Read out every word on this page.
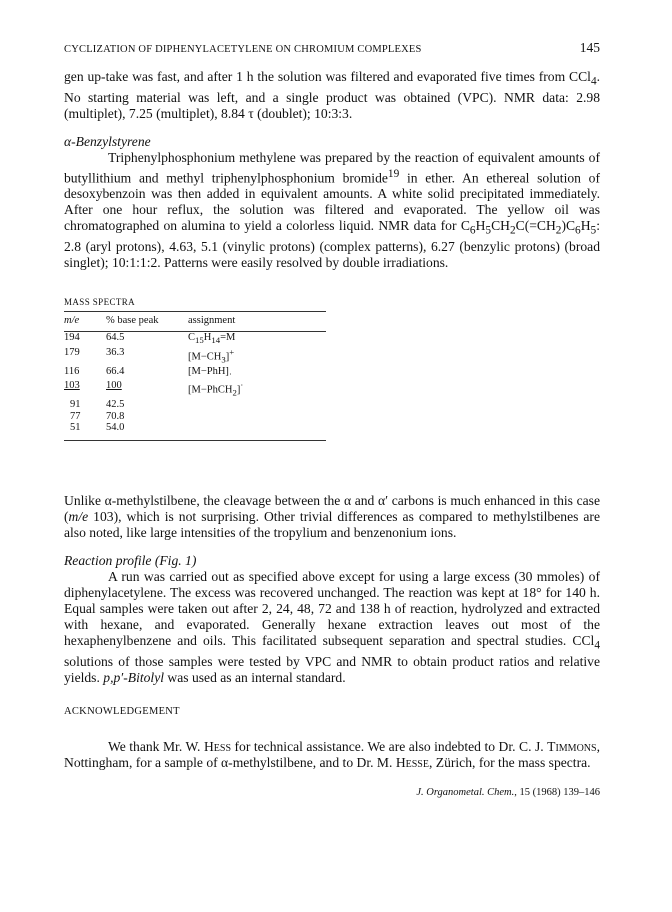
CYCLIZATION OF DIPHENYLACETYLENE ON CHROMIUM COMPLEXES	145

gen up-take was fast, and after 1 h the solution was filtered and evaporated five times from CCl$_4$. No starting material was left, and a single product was obtained (VPC). NMR data: 2.98 (multiplet), 7.25 (multiplet), 8.84 τ (doublet); 10:3:3.

α-Benzylstyrene

Triphenylphosphonium methylene was prepared by the reaction of equivalent amounts of butyllithium and methyl triphenylphosphonium bromide$^{19}$ in ether. An ethereal solution of desoxybenzoin was then added in equivalent amounts. A white solid precipitated immediately. After one hour reflux, the solution was filtered and evaporated. The yellow oil was chromatographed on alumina to yield a colorless liquid. NMR data for $C_6H_5CH_2C(=CH_2)C_6H_5$: 2.8 (aryl protons), 4.63, 5.1 (vinylic protons) (complex patterns), 6.27 (benzylic protons) (broad singlet); 10:1:1:2. Patterns were easily resolved by double irradiations.

MASS SPECTRA
m/e	% base peak	assignment
194	64.5	$C_{15}H_{14}=M$
179	36.3	$[M-CH_3]^+$
116	66.4	$[M-PhH]_\cdot$
103	100	[M−PhCH$_2$]·
91	42.5	
77	70.8	
51	54.0	

Unlike α-methylstilbene, the cleavage between the α and α′ carbons is much enhanced in this case (m/e 103), which is not surprising. Other trivial differences as compared to methylstilbenes are also noted, like large intensities of the tropylium and benzenonium ions.

Reaction profile (Fig. 1)

A run was carried out as specified above except for using a large excess (30 mmoles) of diphenylacetylene. The excess was recovered unchanged. The reaction was kept at 18° for 140 h. Equal samples were taken out after 2, 24, 48, 72 and 138 h of reaction, hydrolyzed and extracted with hexane, and evaporated. Generally hexane extraction leaves out most of the hexaphenylbenzene and oils. This facilitated subsequent separation and spectral studies. CCl$_4$ solutions of those samples were tested by VPC and NMR to obtain product ratios and relative yields. p,p′-Bitolyl was used as an internal standard.

ACKNOWLEDGEMENT

We thank Mr. W. Hess for technical assistance. We are also indebted to Dr. C. J. Timmons, Nottingham, for a sample of α-methylstilbene, and to Dr. M. Hesse, Zürich, for the mass spectra.

J. Organometal. Chem., 15 (1968) 139–146
